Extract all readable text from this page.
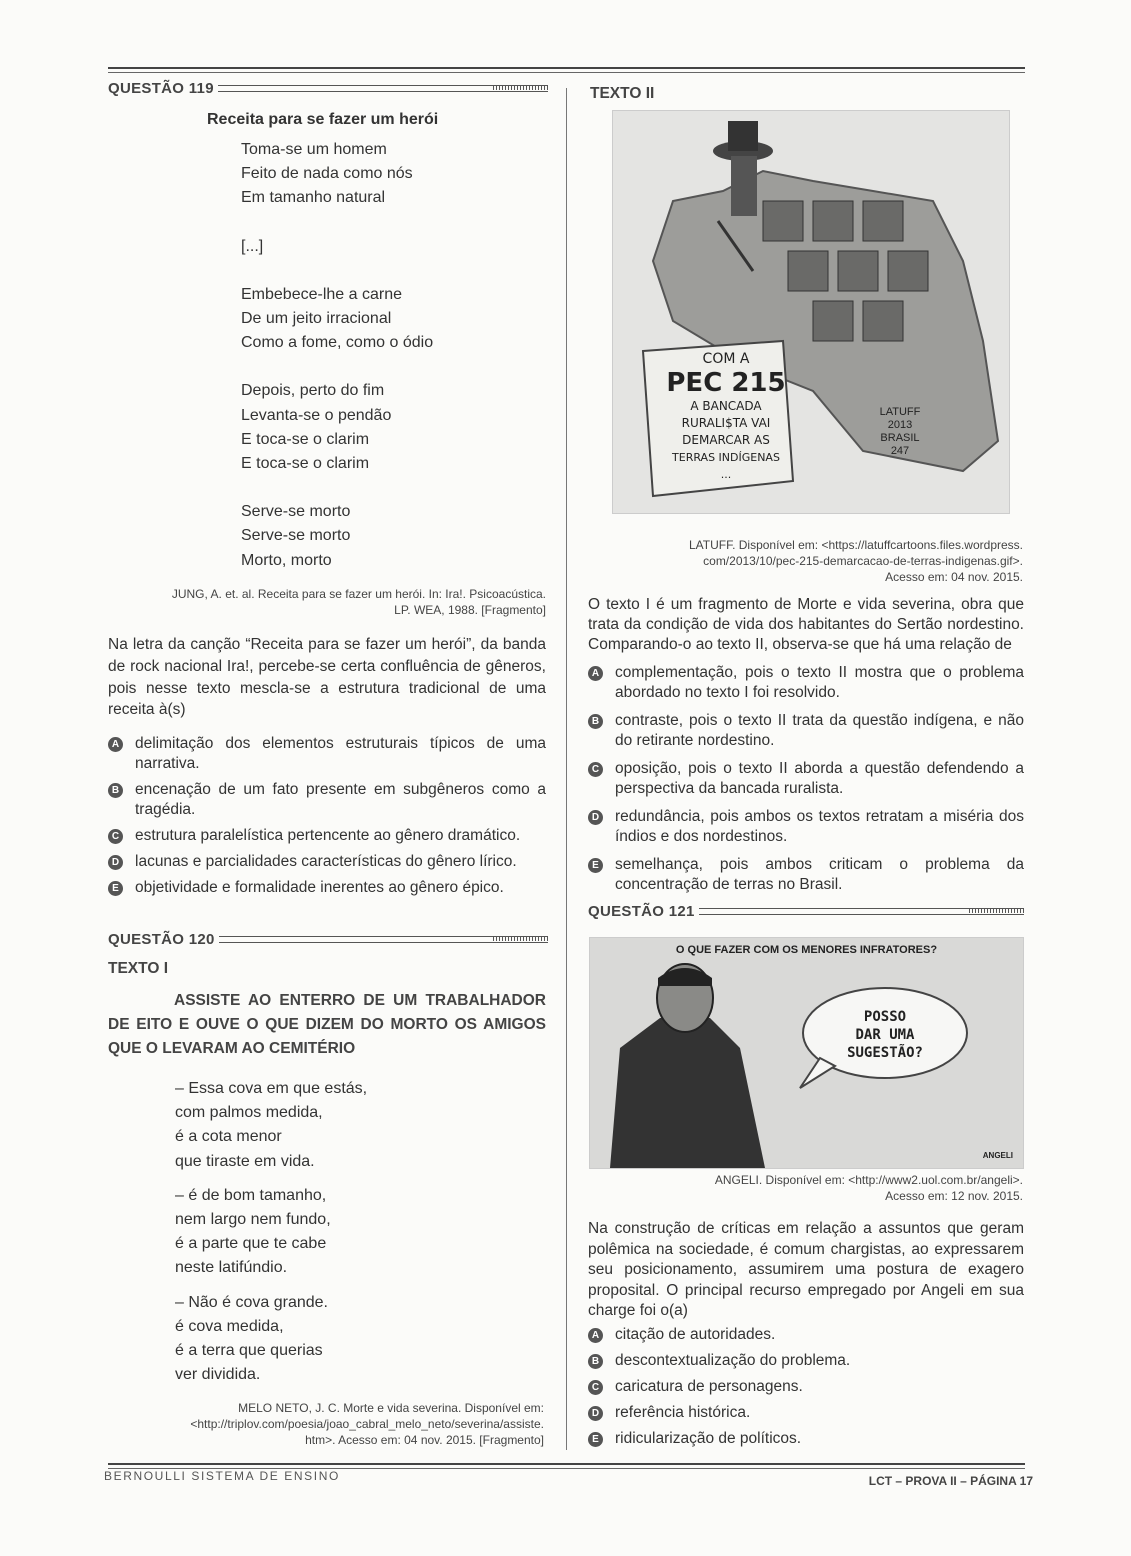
QUESTÃO 119
Receita para se fazer um herói

Toma-se um homem

Feito de nada como nós

Em tamanho natural

[...]

Embebece-lhe a carne

De um jeito irracional

Como a fome, como o ódio

Depois, perto do fim

Levanta-se o pendão

E toca-se o clarim

E toca-se o clarim

Serve-se morto

Serve-se morto

Morto, morto

JUNG, A. et. al. Receita para se fazer um herói. In: Ira!. Psicoacústica.
LP. WEA, 1988. [Fragmento]
Na letra da canção “Receita para se fazer um herói”, da banda de rock nacional Ira!, percebe-se certa confluência de gêneros, pois nesse texto mescla-se a estrutura tradicional de uma receita à(s)
A delimitação dos elementos estruturais típicos de uma narrativa.
B encenação de um fato presente em subgêneros como a tragédia.
C estrutura paralelística pertencente ao gênero dramático.
D lacunas e parcialidades características do gênero lírico.
E objetividade e formalidade inerentes ao gênero épico.
QUESTÃO 120
TEXTO I
ASSISTE AO ENTERRO DE UM TRABALHADOR DE EITO E OUVE O QUE DIZEM DO MORTO OS AMIGOS QUE O LEVARAM AO CEMITÉRIO

– Essa cova em que estás,

com palmos medida,

é a cota menor

que tiraste em vida.

– é de bom tamanho,

nem largo nem fundo,

é a parte que te cabe

neste latifúndio.

– Não é cova grande.

é cova medida,

é a terra que querias

ver dividida.

MELO NETO, J. C. Morte e vida severina. Disponível em:
<http://triplov.com/poesia/joao_cabral_melo_neto/severina/assiste.
htm>. Acesso em: 04 nov. 2015. [Fragmento]
TEXTO II
COM A
PEC 215
A BANCADA
RURALI$TA VAI
DEMARCAR AS
TERRAS INDÍGENAS
...
LATUFF
2013
BRASIL
247
LATUFF. Disponível em: <https://latuffcartoons.files.wordpress.
com/2013/10/pec-215-demarcacao-de-terras-indigenas.gif>.
Acesso em: 04 nov. 2015.
O texto I é um fragmento de Morte e vida severina, obra que trata da condição de vida dos habitantes do Sertão nordestino. Comparando-o ao texto II, observa-se que há uma relação de
A complementação, pois o texto II mostra que o problema abordado no texto I foi resolvido.
B contraste, pois o texto II trata da questão indígena, e não do retirante nordestino.
C oposição, pois o texto II aborda a questão defendendo a perspectiva da bancada ruralista.
D redundância, pois ambos os textos retratam a miséria dos índios e dos nordestinos.
E semelhança, pois ambos criticam o problema da concentração de terras no Brasil.
QUESTÃO 121
O QUE FAZER COM OS MENORES INFRATORES?
POSSO
DAR UMA
SUGESTÃO?
ANGELI
ANGELI. Disponível em: <http://www2.uol.com.br/angeli>.
Acesso em: 12 nov. 2015.
Na construção de críticas em relação a assuntos que geram polêmica na sociedade, é comum chargistas, ao expressarem seu posicionamento, assumirem uma postura de exagero proposital. O principal recurso empregado por Angeli em sua charge foi o(a)
A citação de autoridades.
B descontextualização do problema.
C caricatura de personagens.
D referência histórica.
E ridicularização de políticos.
BERNOULLI SISTEMA DE ENSINO	LCT – PROVA II – PÁGINA 17
